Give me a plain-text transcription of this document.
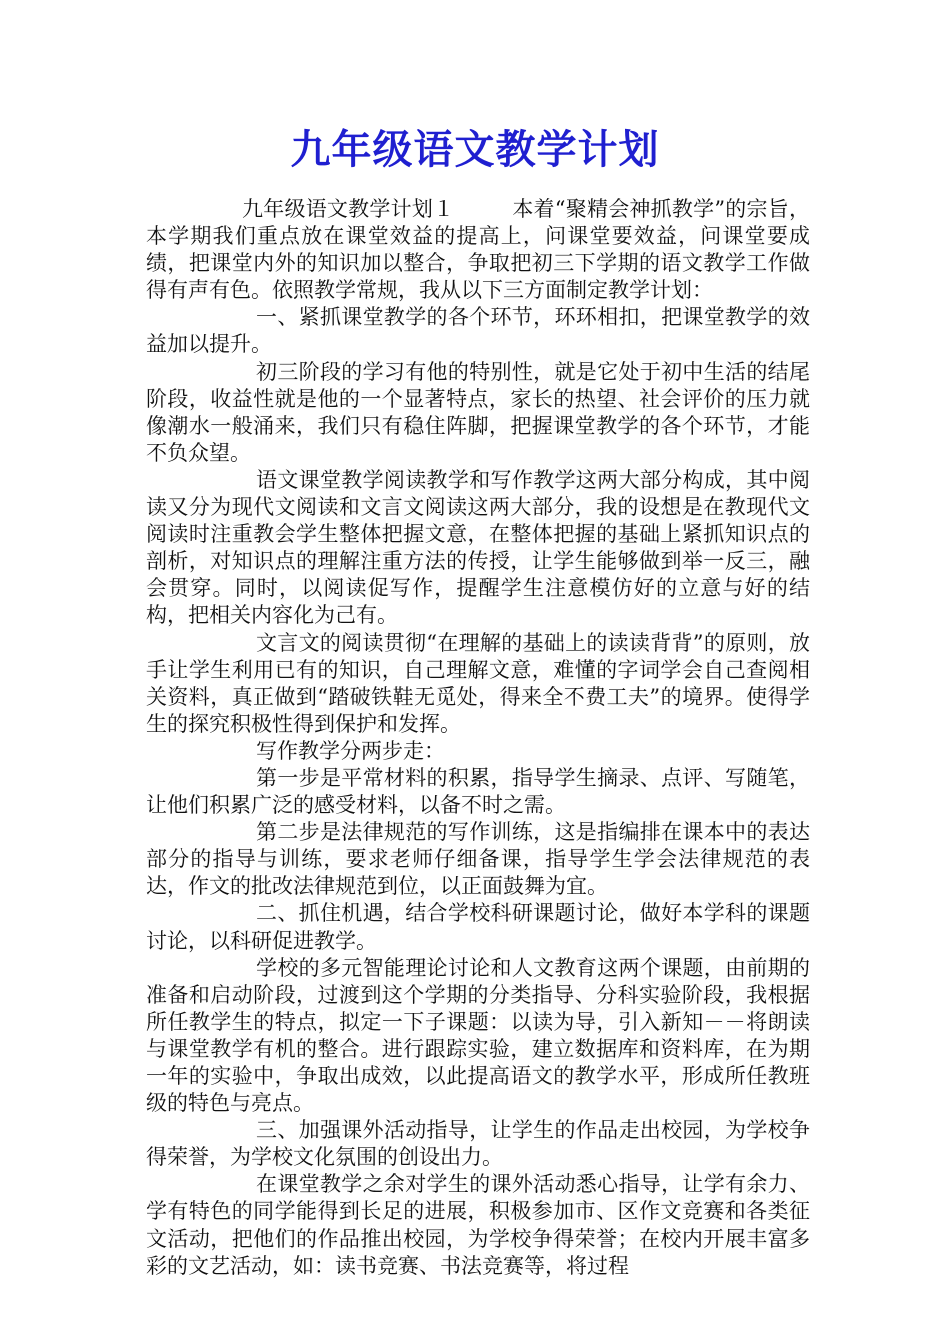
九年级语文教学计划

九年级语文教学计划１	本着“聚精会神抓教学”的宗旨，本学期我们重点放在课堂效益的提高上，问课堂要效益，问课堂要成绩，把课堂内外的知识加以整合，争取把初三下学期的语文教学工作做得有声有色。依照教学常规，我从以下三方面制定教学计划：

一、紧抓课堂教学的各个环节，环环相扣，把课堂教学的效益加以提升。

初三阶段的学习有他的特别性，就是它处于初中生活的结尾阶段，收益性就是他的一个显著特点，家长的热望、社会评价的压力就像潮水一般涌来，我们只有稳住阵脚，把握课堂教学的各个环节，才能不负众望。

语文课堂教学阅读教学和写作教学这两大部分构成，其中阅读又分为现代文阅读和文言文阅读这两大部分，我的设想是在教现代文阅读时注重教会学生整体把握文意，在整体把握的基础上紧抓知识点的剖析，对知识点的理解注重方法的传授，让学生能够做到举一反三，融会贯穿。同时，以阅读促写作，提醒学生注意模仿好的立意与好的结构，把相关内容化为己有。

文言文的阅读贯彻“在理解的基础上的读读背背”的原则，放手让学生利用已有的知识，自己理解文意，难懂的字词学会自己查阅相关资料，真正做到“踏破铁鞋无觅处，得来全不费工夫”的境界。使得学生的探究积极性得到保护和发挥。

写作教学分两步走：

第一步是平常材料的积累，指导学生摘录、点评、写随笔，让他们积累广泛的感受材料，以备不时之需。

第二步是法律规范的写作训练，这是指编排在课本中的表达部分的指导与训练，要求老师仔细备课，指导学生学会法律规范的表达，作文的批改法律规范到位，以正面鼓舞为宜。

二、抓住机遇，结合学校科研课题讨论，做好本学科的课题讨论，以科研促进教学。

学校的多元智能理论讨论和人文教育这两个课题，由前期的准备和启动阶段，过渡到这个学期的分类指导、分科实验阶段，我根据所任教学生的特点，拟定一下子课题：以读为导，引入新知－－将朗读与课堂教学有机的整合。进行跟踪实验，建立数据库和资料库，在为期一年的实验中，争取出成效，以此提高语文的教学水平，形成所任教班级的特色与亮点。

三、加强课外活动指导，让学生的作品走出校园，为学校争得荣誉，为学校文化氛围的创设出力。

在课堂教学之余对学生的课外活动悉心指导，让学有余力、学有特色的同学能得到长足的进展，积极参加市、区作文竞赛和各类征文活动，把他们的作品推出校园，为学校争得荣誉；在校内开展丰富多彩的文艺活动，如：读书竞赛、书法竞赛等，将过程
